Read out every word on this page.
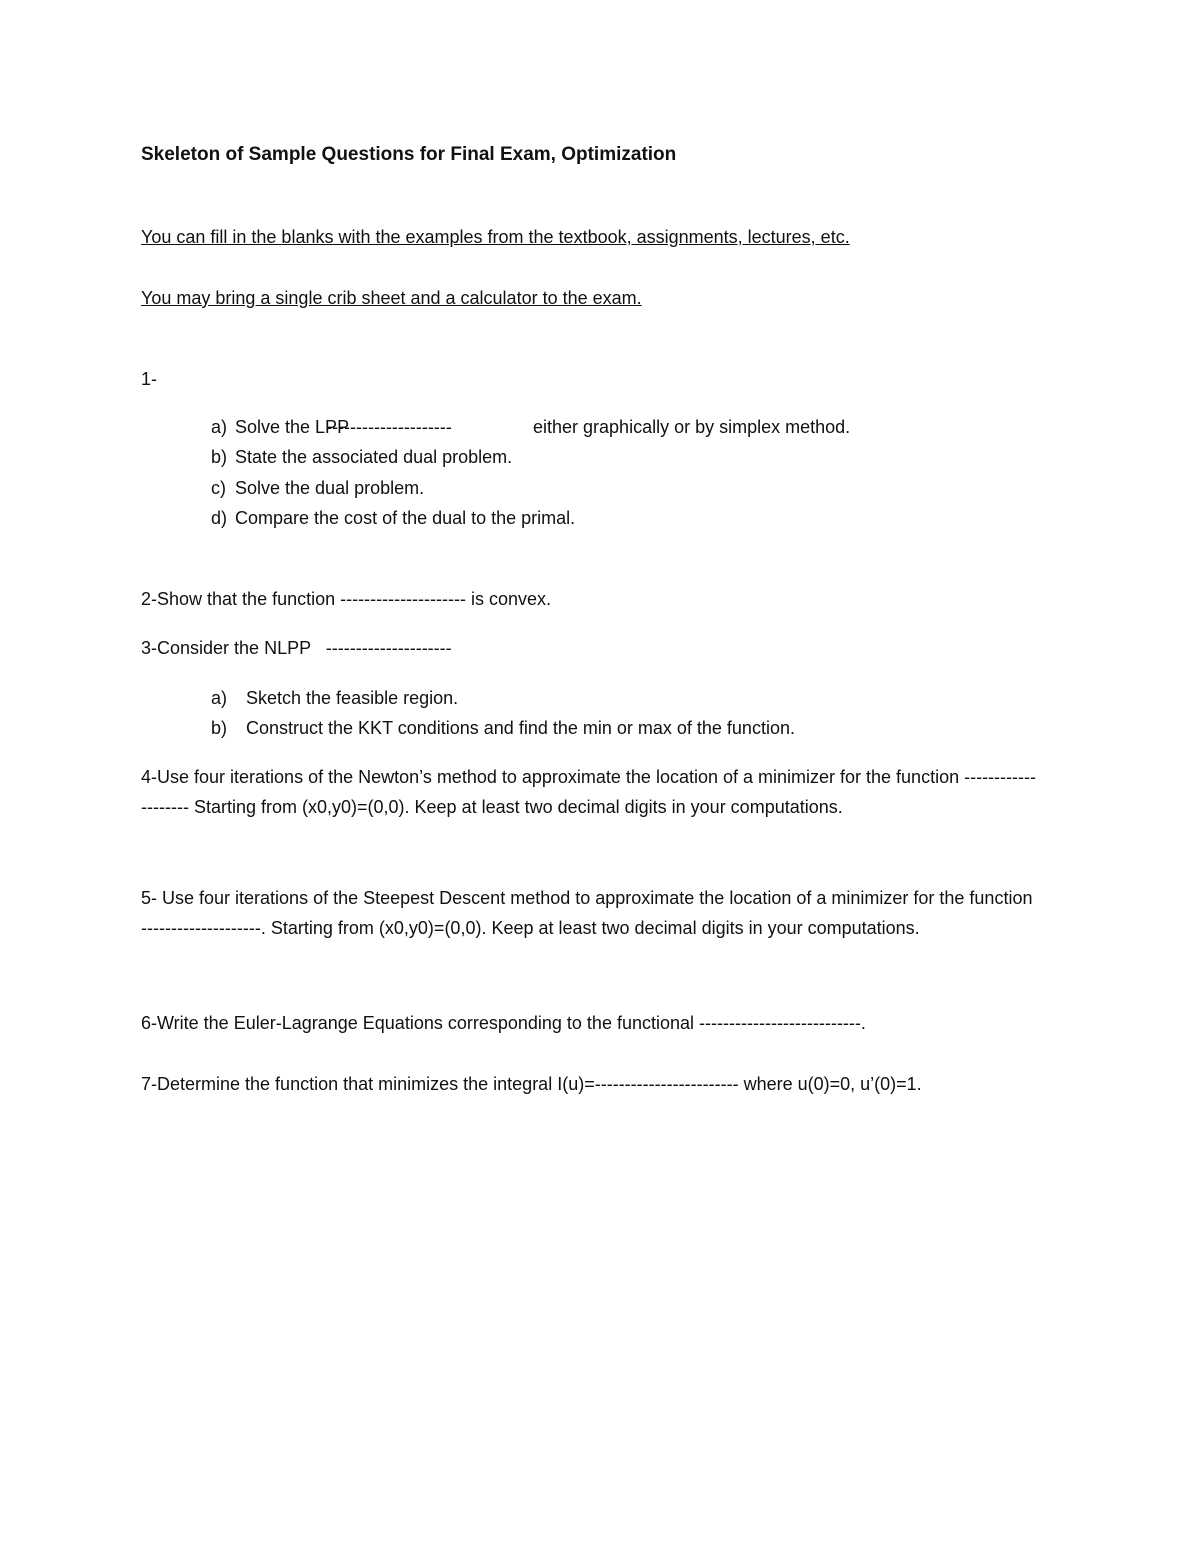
Skeleton of Sample Questions for Final Exam, Optimization
You can fill in the blanks with the examples from the textbook, assignments, lectures, etc.
You may bring a single crib sheet and a calculator to the exam.
1-
a) Solve the LPP
---------------------	either graphically or by simplex method.
b) State the associated dual problem.
c) Solve the dual problem.
d) Compare the cost of the dual to the primal.
2-Show that the function --------------------- is convex.
3-Consider the NLPP ---------------------
a) Sketch the feasible region.
b) Construct the KKT conditions and find the min or max of the function.
4-Use four iterations of the Newton’s method to approximate the location of a minimizer for the function -------------------- Starting from (x0,y0)=(0,0). Keep at least two decimal digits in your computations.
5- Use four iterations of the Steepest Descent method to approximate the location of a minimizer for the function --------------------. Starting from (x0,y0)=(0,0). Keep at least two decimal digits in your computations.
6-Write the Euler-Lagrange Equations corresponding to the functional ---------------------------.
7-Determine the function that minimizes the integral I(u)=------------------------ where u(0)=0, u’(0)=1.
